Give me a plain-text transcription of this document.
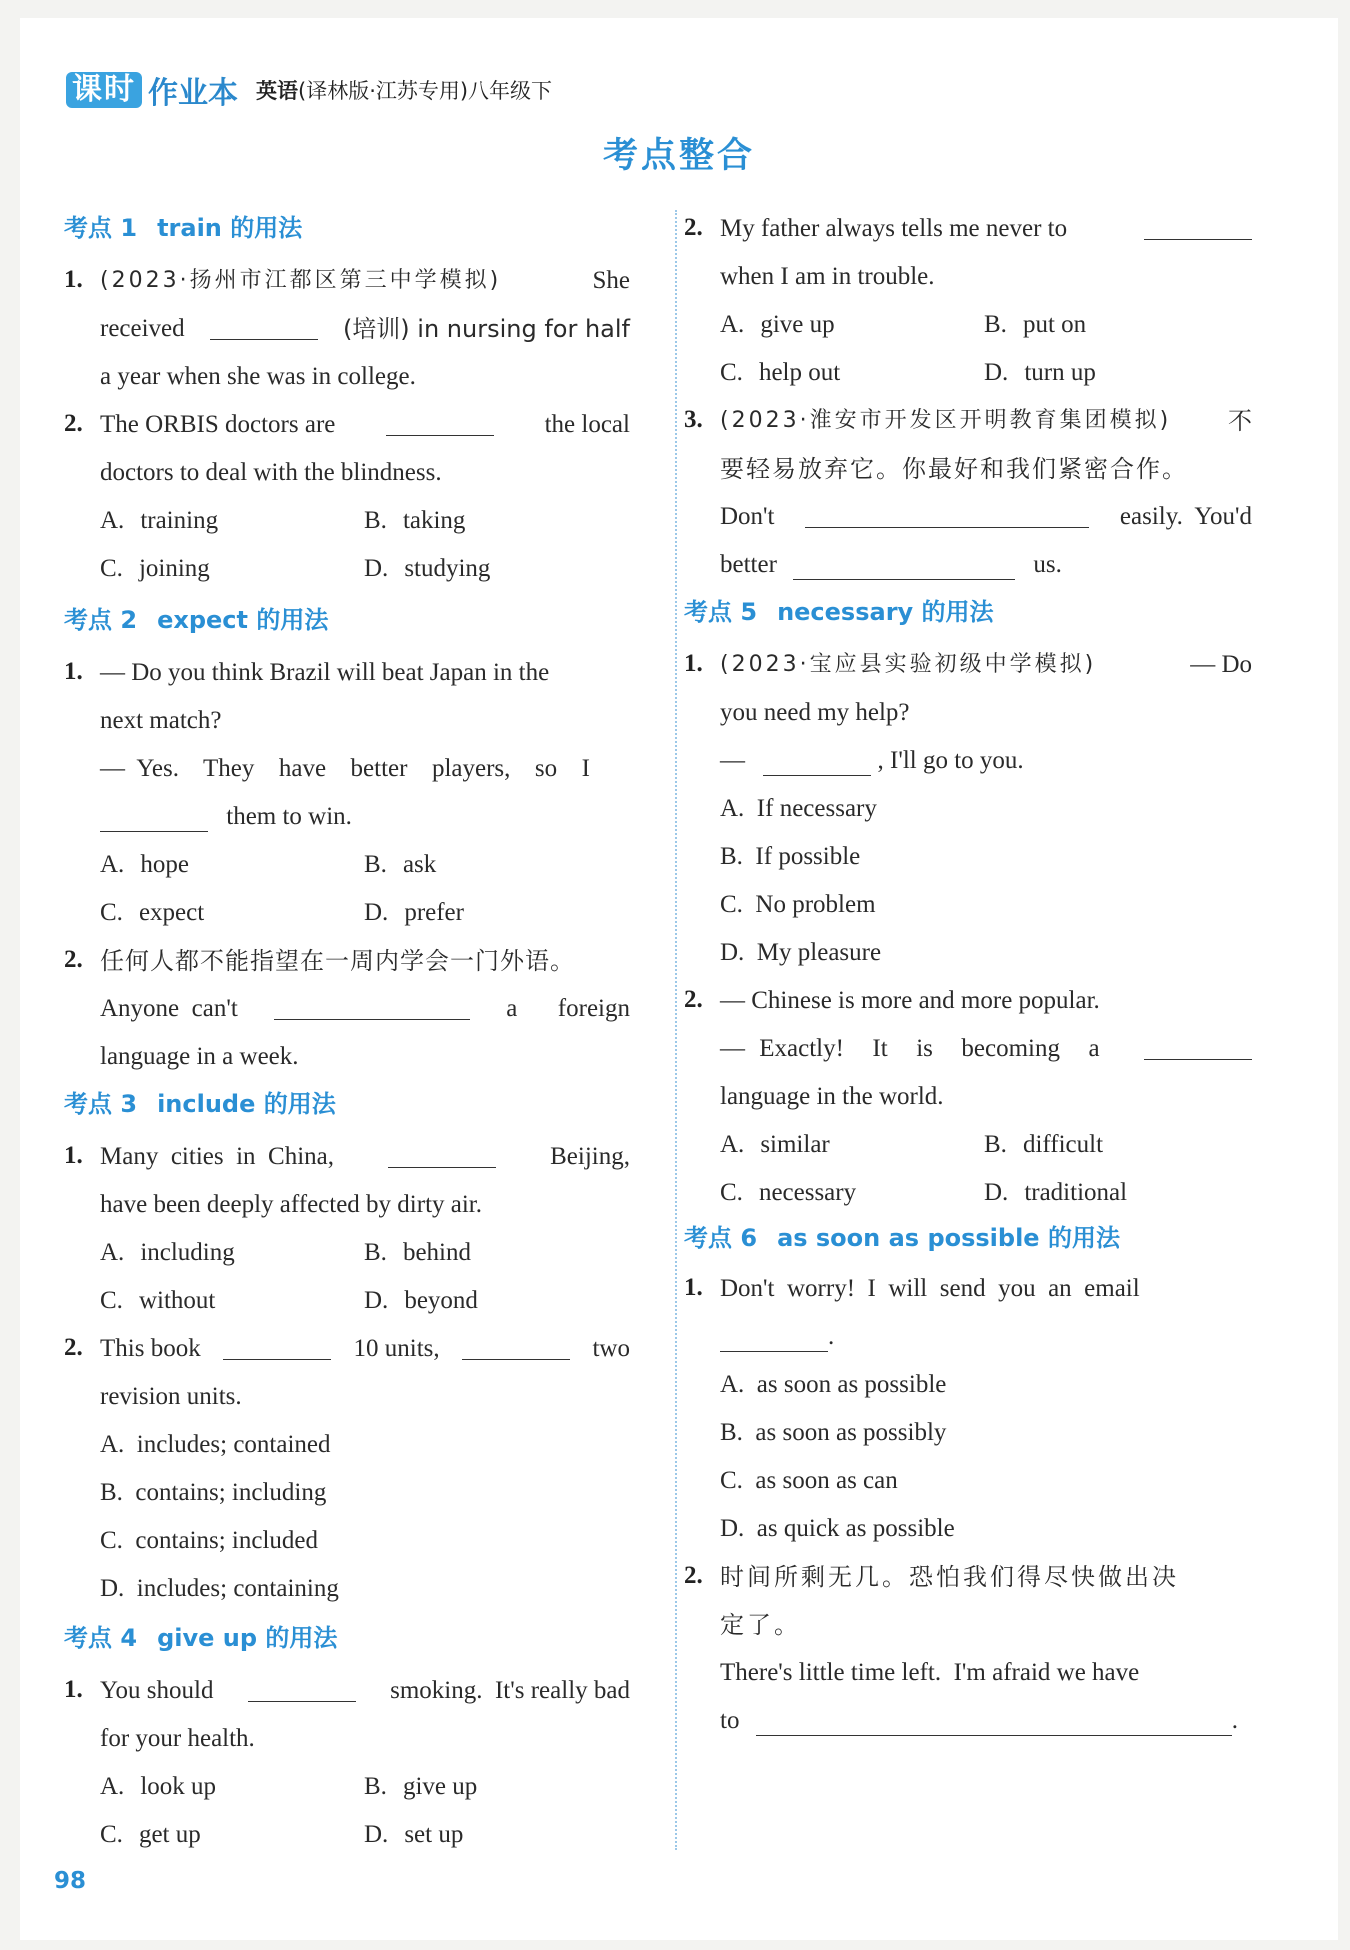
课时 作业本 英语(译林版·江苏专用)八年级下
考点整合
考点 1 train 的用法
1. (2023·扬州市江都区第三中学模拟)	She
received	(培训) in nursing for half
a year when she was in college.
2. The ORBIS doctors are	the local
doctors to deal with the blindness.
A. training	B. taking
C. joining	D. studying
考点 2 expect 的用法
1. — Do you think Brazil will beat Japan in the
next match?
— Yes.  They  have  better  players,  so  I
them to win.
A. hope	B. ask
C. expect	D. prefer
2. 任何人都不能指望在一周内学会一门外语。
Anyone  can't	a  foreign
language in a week.
考点 3 include 的用法
1. Many  cities  in  China,	Beijing,
have been deeply affected by dirty air.
A. including	B. behind
C. without	D. beyond
2. This book	10 units,	two
revision units.
A.  includes; contained
B.  contains; including
C.  contains; included
D.  includes; containing
考点 4 give up 的用法
1. You should	smoking.  It's really bad
for your health.
A. look up	B. give up
C. get up	D. set up
2. My father always tells me never to
when I am in trouble.
A. give up	B. put on
C. help out	D. turn up
3. (2023·淮安市开发区开明教育集团模拟) 不
要轻易放弃它。你最好和我们紧密合作。
Don't	easily.  You'd
better	us.
考点 5 necessary 的用法
1. (2023·宝应县实验初级中学模拟)	— Do
you need my help?
—	, I'll go to you.
A.  If necessary
B.  If possible
C.  No problem
D.  My pleasure
2. — Chinese is more and more popular.
— Exactly!  It  is  becoming  a
language in the world.
A. similar	B. difficult
C. necessary	D. traditional
考点 6 as soon as possible 的用法
1. Don't  worry!  I  will  send  you  an  email
.
A.  as soon as possible
B.  as soon as possibly
C.  as soon as can
D.  as quick as possible
2. 时间所剩无几。恐怕我们得尽快做出决
定了。
There's little time left.  I'm afraid we have
to	.
98
